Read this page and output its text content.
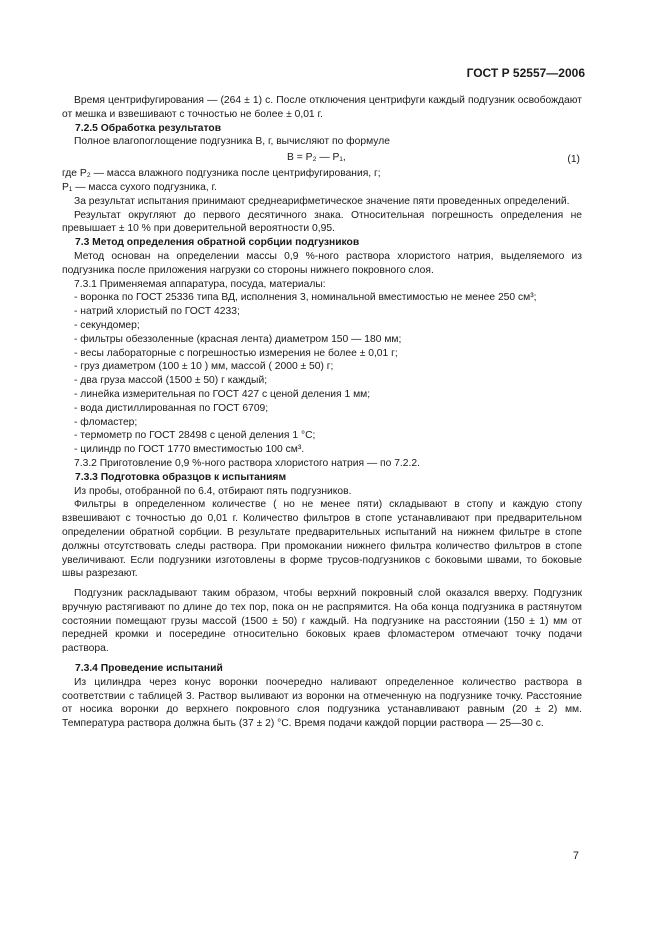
ГОСТ Р 52557—2006

Время центрифугирования — (264 ± 1) с. После отключения центрифуги каждый подгузник освобождают от мешка и взвешивают с точностью не более ± 0,01 г.

7.2.5 Обработка результатов

Полное влагопоглощение подгузника В, г, вычисляют по формуле

В = P₂ — P₁,	(1)

где P₂ — масса влажного подгузника после центрифугирования, г;

P₁ — масса сухого подгузника, г.

За результат испытания принимают среднеарифметическое значение пяти проведенных определений.

Результат округляют до первого десятичного знака. Относительная погрешность определения не превышает ± 10 % при доверительной вероятности 0,95.

7.3 Метод определения обратной сорбции подгузников

Метод основан на определении массы 0,9 %-ного раствора хлористого натрия, выделяемого из подгузника после приложения нагрузки со стороны нижнего покровного слоя.

7.3.1 Применяемая аппаратура, посуда, материалы:

- воронка по ГОСТ 25336 типа ВД, исполнения 3, номинальной вместимостью не менее 250 см³;

- натрий хлористый по ГОСТ 4233;

- секундомер;

- фильтры обеззоленные (красная лента) диаметром 150 — 180 мм;

- весы лабораторные с погрешностью измерения не более ± 0,01 г;

- груз диаметром (100 ± 10 ) мм, массой ( 2000 ± 50) г;

- два груза массой (1500 ± 50) г каждый;

- линейка измерительная по ГОСТ 427 с ценой деления 1 мм;

- вода дистиллированная по ГОСТ 6709;

- фломастер;

- термометр по ГОСТ 28498 с ценой деления 1 °С;

- цилиндр по ГОСТ 1770 вместимостью 100 см³.

7.3.2 Приготовление 0,9 %-ного раствора хлористого натрия — по 7.2.2.

7.3.3 Подготовка образцов к испытаниям

Из пробы, отобранной по 6.4, отбирают пять подгузников.

Фильтры в определенном количестве ( но не менее пяти) складывают в стопу и каждую стопу взвешивают с точностью до 0,01 г. Количество фильтров в стопе устанавливают при предварительном определении обратной сорбции. В результате предварительных испытаний на нижнем фильтре в стопе должны отсутствовать следы раствора. При промокании нижнего фильтра количество фильтров в стопе увеличивают. Если подгузники изготовлены в форме трусов-подгузников с боковыми швами, то боковые швы разрезают.

Подгузник раскладывают таким образом, чтобы верхний покровный слой оказался вверху. Подгузник вручную растягивают по длине до тех пор, пока он не распрямится. На оба конца подгузника в растянутом состоянии помещают грузы массой (1500 ± 50) г каждый. На подгузнике на расстоянии (150 ± 1) мм от передней кромки и посередине относительно боковых краев фломастером отмечают точку подачи раствора.

7.3.4 Проведение испытаний

Из цилиндра через конус воронки поочередно наливают определенное количество раствора в соответствии с таблицей 3. Раствор выливают из воронки на отмеченную на подгузнике точку. Расстояние от носика воронки до верхнего покровного слоя подгузника устанавливают равным (20 ± 2) мм. Температура раствора должна быть (37 ± 2) °С. Время подачи каждой порции раствора — 25—30 с.

7
